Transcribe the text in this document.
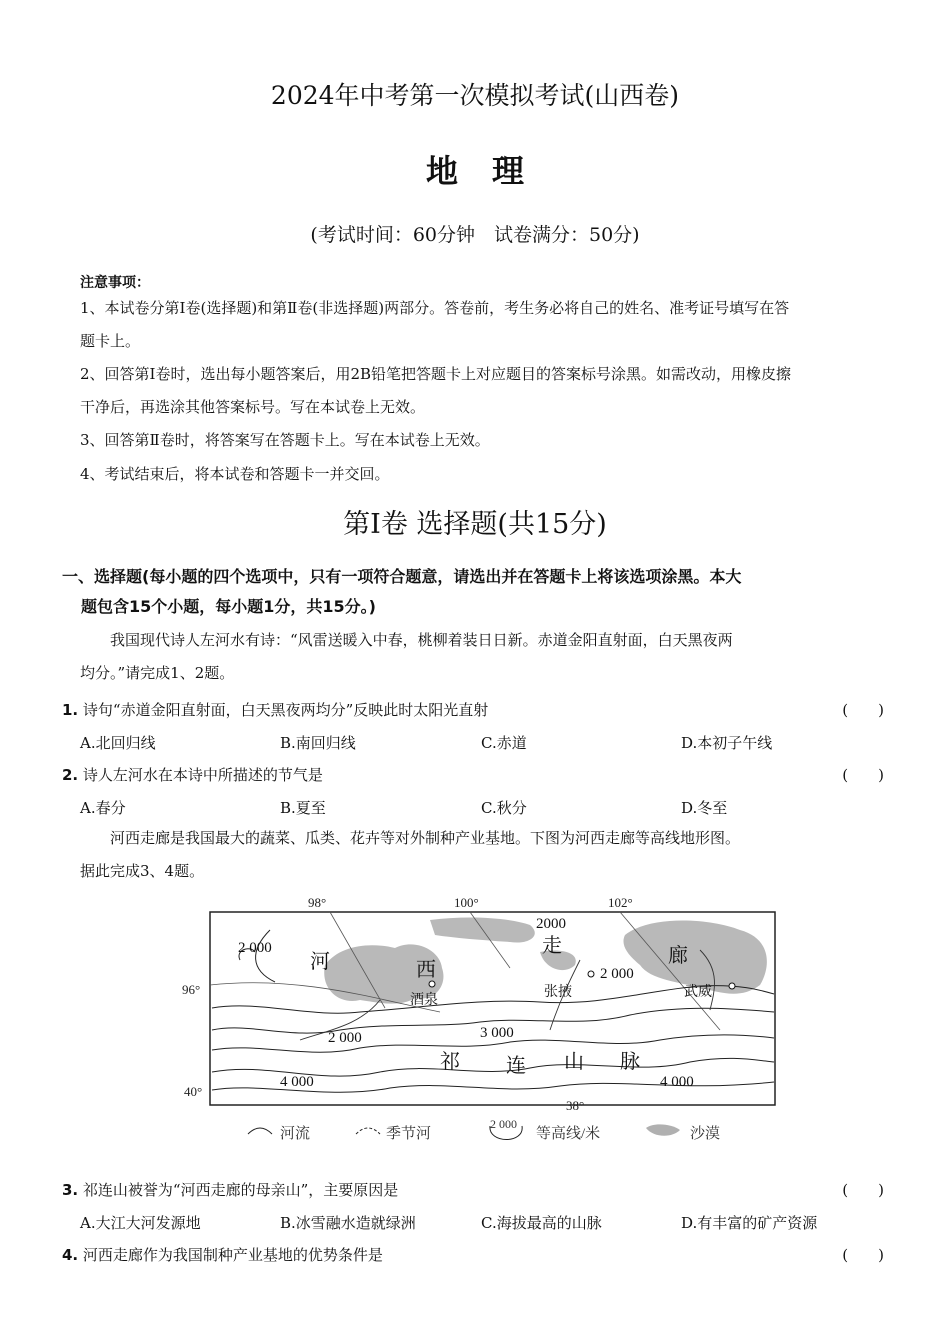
2024年中考第一次模拟考试(山西卷)
地理
(考试时间：60分钟　试卷满分：50分)
注意事项：
1、本试卷分第Ⅰ卷(选择题)和第Ⅱ卷(非选择题)两部分。答卷前，考生务必将自己的姓名、准考证号填写在答
题卡上。
2、回答第Ⅰ卷时，选出每小题答案后，用2B铅笔把答题卡上对应题目的答案标号涂黑。如需改动，用橡皮擦
干净后，再选涂其他答案标号。写在本试卷上无效。
3、回答第Ⅱ卷时，将答案写在答题卡上。写在本试卷上无效。
4、考试结束后，将本试卷和答题卡一并交回。
第Ⅰ卷 选择题(共15分)
一、选择题(每小题的四个选项中，只有一项符合题意，请选出并在答题卡上将该选项涂黑。本大
题包含15个小题，每小题1分，共15分。)
我国现代诗人左河水有诗：“风雷送暖入中春，桃柳着装日日新。赤道金阳直射面，白天黑夜两
均分。”请完成1、2题。
1. 诗句“赤道金阳直射面，白天黑夜两均分”反映此时太阳光直射	(　　)
A.北回归线	B.南回归线	C.赤道	D.本初子午线
2. 诗人左河水在本诗中所描述的节气是	(　　)
A.春分	B.夏至	C.秋分	D.冬至
河西走廊是我国最大的蔬菜、瓜类、花卉等对外制种产业基地。下图为河西走廊等高线地形图。
据此完成3、4题。
98°	100°	102°
96°
40°
38°
2 000
2000
2 000
2 000	3 000
4 000	4 000
河	西
走	廊
祁 连 山 脉
酒泉
张掖	武威
河流	季节河
2 000
等高线/米	沙漠
3. 祁连山被誉为“河西走廊的母亲山”，主要原因是	(　　)
A.大江大河发源地	B.冰雪融水造就绿洲	C.海拔最高的山脉	D.有丰富的矿产资源
4. 河西走廊作为我国制种产业基地的优势条件是	(　　)
